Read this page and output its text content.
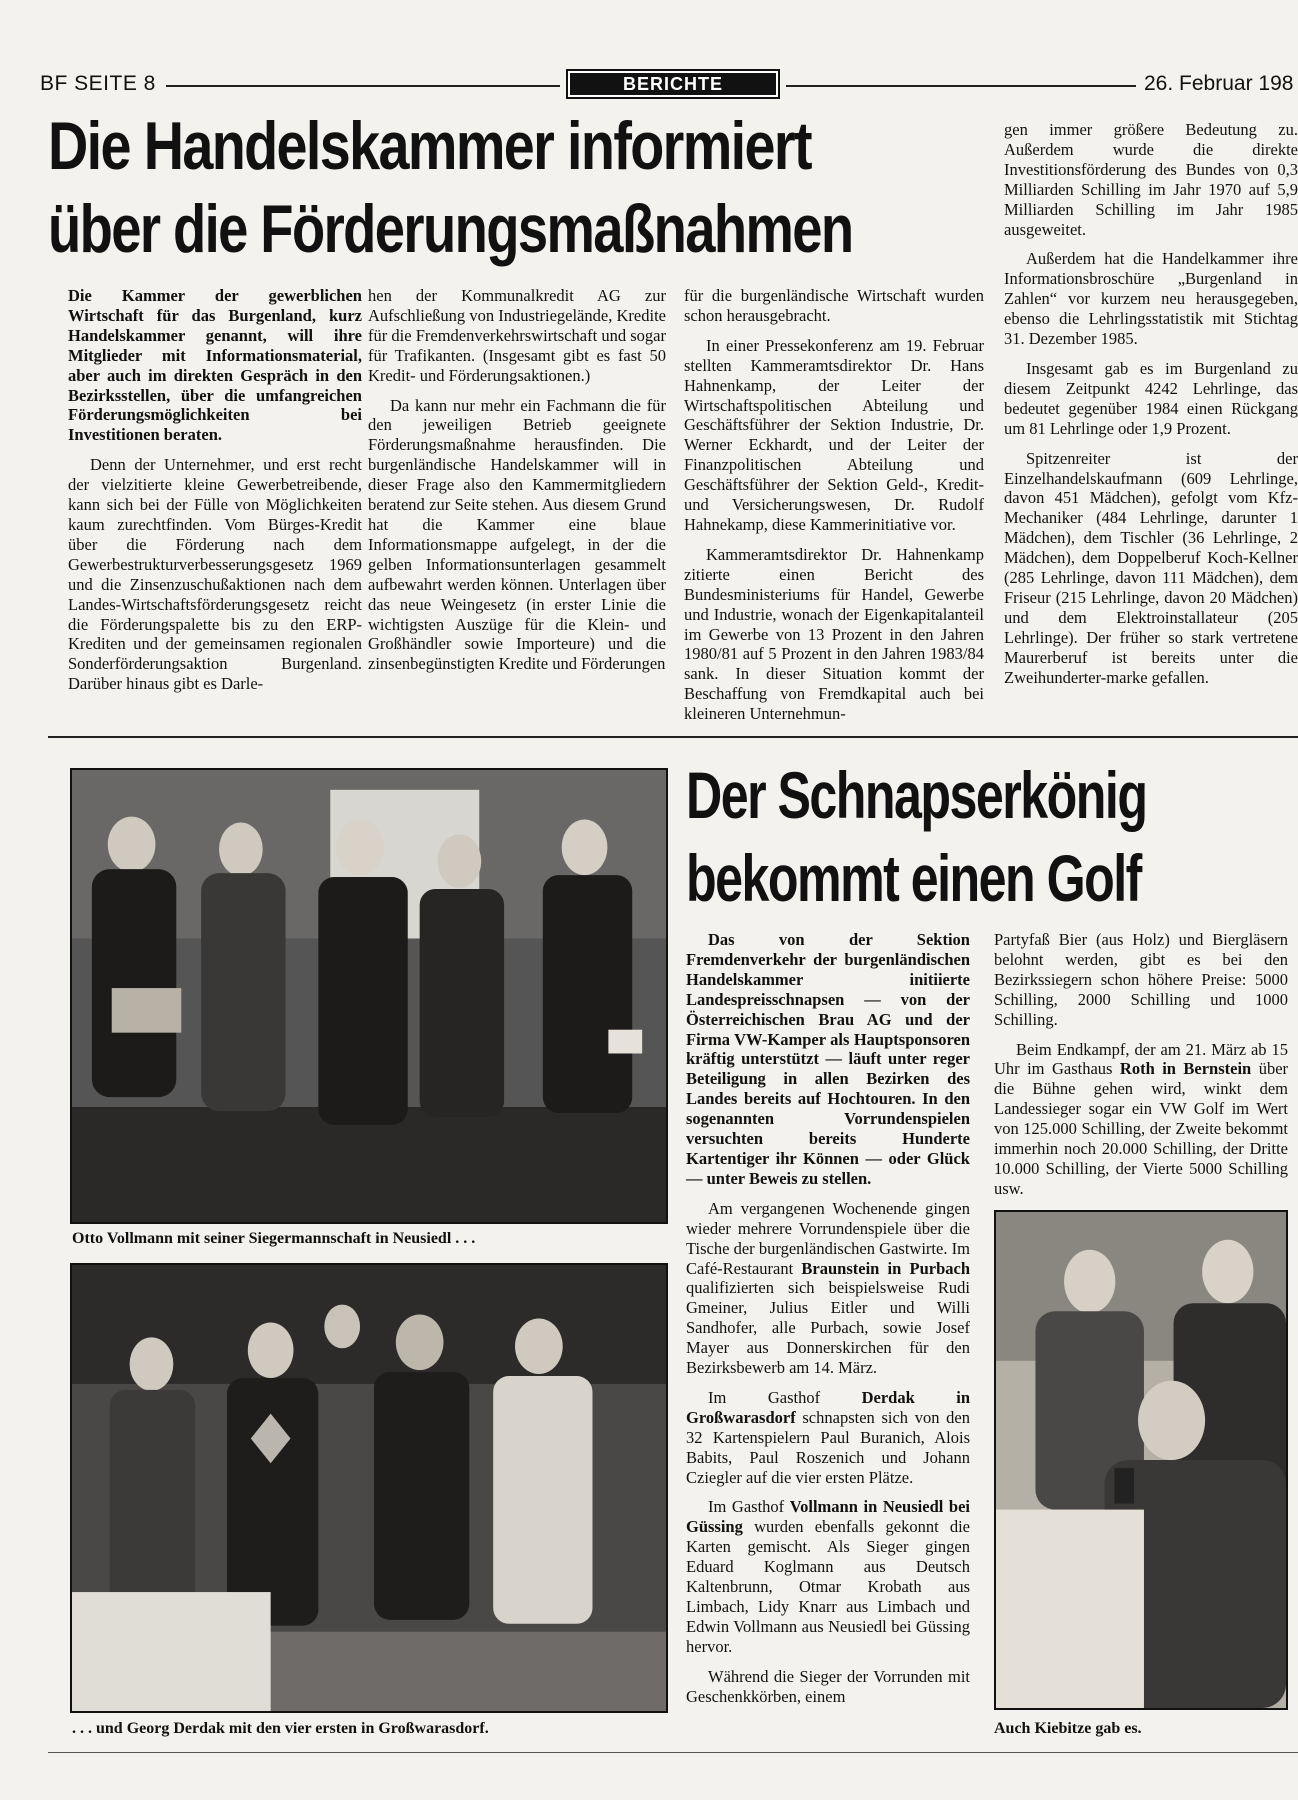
BF SEITE 8	BERICHTE	26. Februar 198
Die Handelskammer informiert
über die Förderungsmaßnahmen

Die Kammer der gewerblichen Wirtschaft für das Burgenland, kurz Handelskammer genannt, will ihre Mitglieder mit Informationsmaterial, aber auch im direkten Gespräch in den Bezirksstellen, über die umfangreichen Förderungsmöglichkeiten bei Investitionen beraten.

Denn der Unternehmer, und erst recht der vielzitierte kleine Gewerbetreibende, kann sich bei der Fülle von Möglichkeiten kaum zurechtfinden. Vom Bürges-Kredit über die Förderung nach dem Gewerbestrukturverbesserungsgesetz 1969 und die Zinsenzuschußaktionen nach dem Landes-Wirtschaftsförderungsgesetz reicht die Förderungspalette bis zu den ERP-Krediten und der gemeinsamen regionalen Sonderförderungsaktion Burgenland. Darüber hinaus gibt es Darle-

hen der Kommunalkredit AG zur Aufschließung von Industriegelände, Kredite für die Fremdenverkehrswirtschaft und sogar für Trafikanten. (Insgesamt gibt es fast 50 Kredit- und Förderungsaktionen.)

Da kann nur mehr ein Fachmann die für den jeweiligen Betrieb geeignete Förderungsmaßnahme herausfinden. Die burgenländische Handelskammer will in dieser Frage also den Kammermitgliedern beratend zur Seite stehen. Aus diesem Grund hat die Kammer eine blaue Informationsmappe aufgelegt, in der die gelben Informationsunterlagen gesammelt aufbewahrt werden können. Unterlagen über das neue Weingesetz (in erster Linie die wichtigsten Auszüge für die Klein- und Großhändler sowie Importeure) und die zinsenbegünstigten Kredite und Förderungen

für die burgenländische Wirtschaft wurden schon herausgebracht.

In einer Pressekonferenz am 19. Februar stellten Kammeramtsdirektor Dr. Hans Hahnenkamp, der Leiter der Wirtschaftspolitischen Abteilung und Geschäftsführer der Sektion Industrie, Dr. Werner Eckhardt, und der Leiter der Finanzpolitischen Abteilung und Geschäftsführer der Sektion Geld-, Kredit- und Versicherungswesen, Dr. Rudolf Hahnekamp, diese Kammerinitiative vor.

Kammeramtsdirektor Dr. Hahnenkamp zitierte einen Bericht des Bundesministeriums für Handel, Gewerbe und Industrie, wonach der Eigenkapitalanteil im Gewerbe von 13 Prozent in den Jahren 1980/81 auf 5 Prozent in den Jahren 1983/84 sank. In dieser Situation kommt der Beschaffung von Fremdkapital auch bei kleineren Unternehmun-

gen immer größere Bedeutung zu. Außerdem wurde die direkte Investitionsförderung des Bundes von 0,3 Milliarden Schilling im Jahr 1970 auf 5,9 Milliarden Schilling im Jahr 1985 ausgeweitet.

Außerdem hat die Handelkammer ihre Informationsbroschüre „Burgenland in Zahlen“ vor kurzem neu herausgegeben, ebenso die Lehrlingsstatistik mit Stichtag 31. Dezember 1985.

Insgesamt gab es im Burgenland zu diesem Zeitpunkt 4242 Lehrlinge, das bedeutet gegenüber 1984 einen Rückgang um 81 Lehrlinge oder 1,9 Prozent.

Spitzenreiter ist der Einzelhandelskaufmann (609 Lehrlinge, davon 451 Mädchen), gefolgt vom Kfz-Mechaniker (484 Lehrlinge, darunter 1 Mädchen), dem Tischler (36 Lehrlinge, 2 Mädchen), dem Doppelberuf Koch-Kellner (285 Lehrlinge, davon 111 Mädchen), dem Friseur (215 Lehrlinge, davon 20 Mädchen) und dem Elektroinstallateur (205 Lehrlinge). Der früher so stark vertretene Maurerberuf ist bereits unter die Zweihunderter-marke gefallen.

Otto Vollmann mit seiner Siegermannschaft in Neusiedl . . .
. . . und Georg Derdak mit den vier ersten in Großwarasdorf.
Der Schnapserkönig
bekommt einen Golf

Das von der Sektion Fremdenverkehr der burgenländischen Handelskammer initiierte Landespreisschnapsen — von der Österreichischen Brau AG und der Firma VW-Kamper als Hauptsponsoren kräftig unterstützt — läuft unter reger Beteiligung in allen Bezirken des Landes bereits auf Hochtouren. In den sogenannten Vorrundenspielen versuchten bereits Hunderte Kartentiger ihr Können — oder Glück — unter Beweis zu stellen.

Am vergangenen Wochenende gingen wieder mehrere Vorrundenspiele über die Tische der burgenländischen Gastwirte. Im Café-Restaurant Braunstein in Purbach qualifizierten sich beispielsweise Rudi Gmeiner, Julius Eitler und Willi Sandhofer, alle Purbach, sowie Josef Mayer aus Donnerskirchen für den Bezirksbewerb am 14. März.

Im Gasthof	Derdak in Großwarasdorf schnapsten sich von den 32 Kartenspielern Paul Buranich, Alois Babits, Paul Roszenich und Johann Cziegler auf die vier ersten Plätze.

Im Gasthof Vollmann in Neusiedl bei Güssing wurden ebenfalls gekonnt die Karten gemischt. Als Sieger gingen Eduard Koglmann aus Deutsch Kaltenbrunn, Otmar Krobath aus Limbach, Lidy Knarr aus Limbach und Edwin Vollmann aus Neusiedl bei Güssing hervor.

Während die Sieger der Vorrunden mit Geschenkkörben, einem

Partyfaß Bier (aus Holz) und Biergläsern belohnt werden, gibt es bei den Bezirkssiegern schon höhere Preise: 5000 Schilling, 2000 Schilling und 1000 Schilling.

Beim Endkampf, der am 21. März ab 15 Uhr im Gasthaus Roth in Bernstein über die Bühne gehen wird, winkt dem Landessieger sogar ein VW Golf im Wert von 125.000 Schilling, der Zweite bekommt immerhin noch 20.000 Schilling, der Dritte 10.000 Schilling, der Vierte 5000 Schilling usw.

Auch Kiebitze gab es.
